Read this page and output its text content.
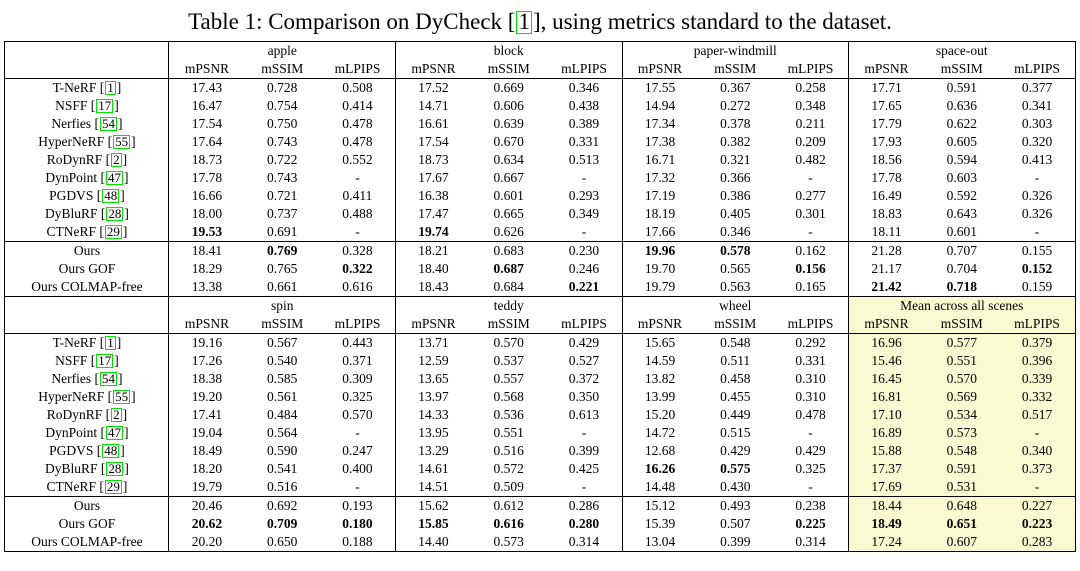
Table 1: Comparison on DyCheck [ 1 ], using metrics standard to the dataset.
	apple			block			paper-windmill			space-out		
	mPSNR	mSSIM	mLPIPS	mPSNR	mSSIM	mLPIPS	mPSNR	mSSIM	mLPIPS	mPSNR	mSSIM	mLPIPS
T-NeRF [ 1 ]	17.43	0.728	0.508	17.52	0.669	0.346	17.55	0.367	0.258	17.71	0.591	0.377
NSFF [ 17 ]	16.47	0.754	0.414	14.71	0.606	0.438	14.94	0.272	0.348	17.65	0.636	0.341
Nerfies [ 54 ]	17.54	0.750	0.478	16.61	0.639	0.389	17.34	0.378	0.211	17.79	0.622	0.303
HyperNeRF [ 55 ]	17.64	0.743	0.478	17.54	0.670	0.331	17.38	0.382	0.209	17.93	0.605	0.320
RoDynRF [ 2 ]	18.73	0.722	0.552	18.73	0.634	0.513	16.71	0.321	0.482	18.56	0.594	0.413
DynPoint [ 47 ]	17.78	0.743	-	17.67	0.667	-	17.32	0.366	-	17.78	0.603	-
PGDVS [ 48 ]	16.66	0.721	0.411	16.38	0.601	0.293	17.19	0.386	0.277	16.49	0.592	0.326
DyBluRF [ 28 ]	18.00	0.737	0.488	17.47	0.665	0.349	18.19	0.405	0.301	18.83	0.643	0.326
CTNeRF [ 29 ]	19.53	0.691	-	19.74	0.626	-	17.66	0.346	-	18.11	0.601	-
Ours	18.41	0.769	0.328	18.21	0.683	0.230	19.96	0.578	0.162	21.28	0.707	0.155
Ours GOF	18.29	0.765	0.322	18.40	0.687	0.246	19.70	0.565	0.156	21.17	0.704	0.152
Ours COLMAP-free	13.38	0.661	0.616	18.43	0.684	0.221	19.79	0.563	0.165	21.42	0.718	0.159
	spin			teddy			wheel			Mean across all scenes		
	mPSNR	mSSIM	mLPIPS	mPSNR	mSSIM	mLPIPS	mPSNR	mSSIM	mLPIPS	mPSNR	mSSIM	mLPIPS
T-NeRF [ 1 ]	19.16	0.567	0.443	13.71	0.570	0.429	15.65	0.548	0.292	16.96	0.577	0.379
NSFF [ 17 ]	17.26	0.540	0.371	12.59	0.537	0.527	14.59	0.511	0.331	15.46	0.551	0.396
Nerfies [ 54 ]	18.38	0.585	0.309	13.65	0.557	0.372	13.82	0.458	0.310	16.45	0.570	0.339
HyperNeRF [ 55 ]	19.20	0.561	0.325	13.97	0.568	0.350	13.99	0.455	0.310	16.81	0.569	0.332
RoDynRF [ 2 ]	17.41	0.484	0.570	14.33	0.536	0.613	15.20	0.449	0.478	17.10	0.534	0.517
DynPoint [ 47 ]	19.04	0.564	-	13.95	0.551	-	14.72	0.515	-	16.89	0.573	-
PGDVS [ 48 ]	18.49	0.590	0.247	13.29	0.516	0.399	12.68	0.429	0.429	15.88	0.548	0.340
DyBluRF [ 28 ]	18.20	0.541	0.400	14.61	0.572	0.425	16.26	0.575	0.325	17.37	0.591	0.373
CTNeRF [ 29 ]	19.79	0.516	-	14.51	0.509	-	14.48	0.430	-	17.69	0.531	-
Ours	20.46	0.692	0.193	15.62	0.612	0.286	15.12	0.493	0.238	18.44	0.648	0.227
Ours GOF	20.62	0.709	0.180	15.85	0.616	0.280	15.39	0.507	0.225	18.49	0.651	0.223
Ours COLMAP-free	20.20	0.650	0.188	14.40	0.573	0.314	13.04	0.399	0.314	17.24	0.607	0.283
